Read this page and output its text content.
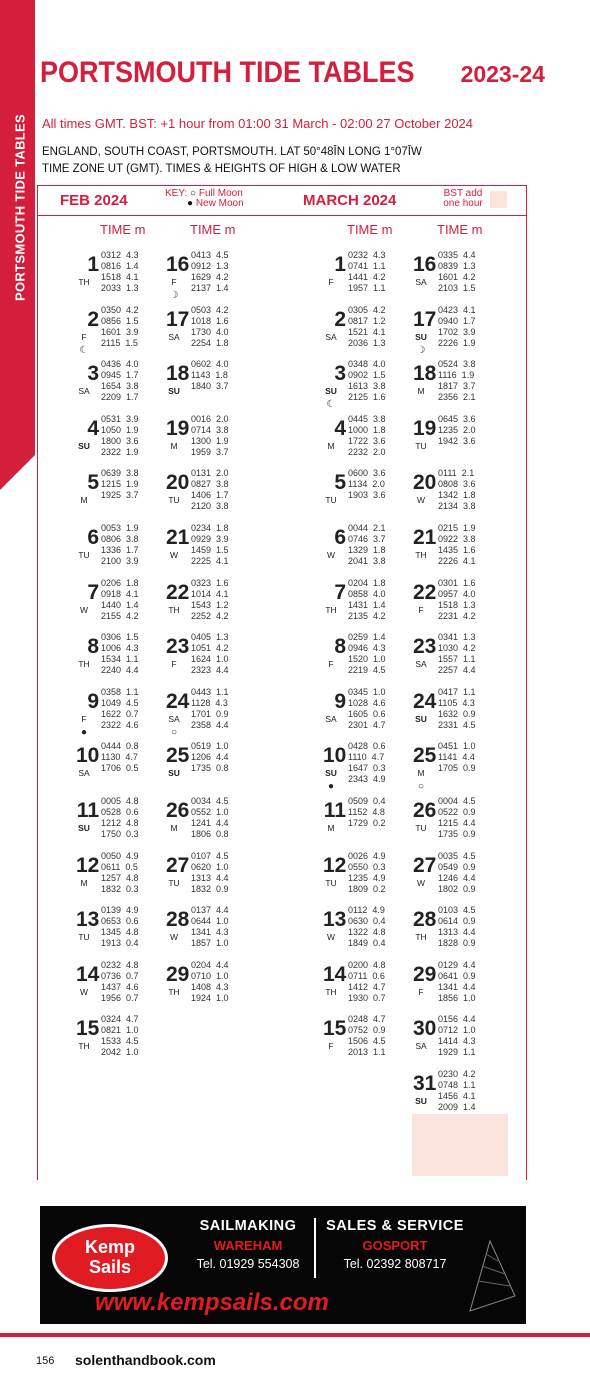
PORTSMOUTH TIDE TABLES
PORTSMOUTH TIDE TABLES 2023-24
All times GMT. BST: +1 hour from 01:00 31 March - 02:00 27 October 2024
ENGLAND, SOUTH COAST, PORTSMOUTH. LAT 50°48ĪN LONG 1°07ĪW
TIME ZONE UT (GMT). TIMES & HEIGHTS OF HIGH & LOW WATER
FEB 2024	MARCH 2024
KEY: ○ Full Moon
● New Moon
BST add
one hour
TIME m	TIME m	TIME m	TIME m
1
TH
0312  4.3
0816  1.4
1518  4.1
2033  1.3
2
F
☾
0350  4.2
0856  1.5
1601  3.9
2115  1.5
3
SA
0436  4.0
0945  1.7
1654  3.8
2209  1.7
4
SU
0531  3.9
1050  1.9
1800  3.6
2322  1.9
5
M
0639  3.8
1215  1.9
1925  3.7
6
TU
0053  1.9
0806  3.8
1336  1.7
2100  3.9
7
W
0206  1.8
0918  4.1
1440  1.4
2155  4.2
8
TH
0306  1.5
1006  4.3
1534  1.1
2240  4.4
9
F
●
0358  1.1
1049  4.5
1622  0.7
2322  4.6
10
SA
0444  0.8
1130  4.7
1706  0.5
11
SU
0005  4.8
0528  0.6
1212  4.8
1750  0.3
12
M
0050  4.9
0611  0.5
1257  4.8
1832  0.3
13
TU
0139  4.9
0653  0.6
1345  4.8
1913  0.4
14
W
0232  4.8
0736  0.7
1437  4.6
1956  0.7
15
TH
0324  4.7
0821  1.0
1533  4.5
2042  1.0
16
F
☽
0413  4.5
0912  1.3
1629  4.2
2137  1.4
17
SA
0503  4.2
1018  1.6
1730  4.0
2254  1.8
18
SU
0602  4.0
1143  1.8
1840  3.7
19
M
0016  2.0
0714  3.8
1300  1.9
1959  3.7
20
TU
0131  2.0
0827  3.8
1406  1.7
2120  3.8
21
W
0234  1.8
0929  3.9
1459  1.5
2225  4.1
22
TH
0323  1.6
1014  4.1
1543  1.2
2252  4.2
23
F
0405  1.3
1051  4.2
1624  1.0
2323  4.4
24
SA
○
0443  1.1
1128  4.3
1701  0.9
2358  4.4
25
SU
0519  1.0
1206  4.4
1735  0.8
26
M
0034  4.5
0552  1.0
1241  4.4
1806  0.8
27
TU
0107  4.5
0620  1.0
1313  4.4
1832  0.9
28
W
0137  4.4
0644  1.0
1341  4.3
1857  1.0
29
TH
0204  4.4
0710  1.0
1408  4.3
1924  1.0
1
F
0232  4.3
0741  1.1
1441  4.2
1957  1.1
2
SA
0305  4.2
0817  1.2
1521  4.1
2036  1.3
3
SU
☾
0348  4.0
0902  1.5
1613  3.8
2125  1.6
4
M
0445  3.8
1000  1.8
1722  3.6
2232  2.0
5
TU
0600  3.6
1134  2.0
1903  3.6
6
W
0044  2.1
0746  3.7
1329  1.8
2041  3.8
7
TH
0204  1.8
0858  4.0
1431  1.4
2135  4.2
8
F
0259  1.4
0946  4.3
1520  1.0
2219  4.5
9
SA
0345  1.0
1028  4.6
1605  0.6
2301  4.7
10
SU
●
0428  0.6
1110  4.7
1647  0.3
2343  4.9
11
M
0509  0.4
1152  4.8
1729  0.2
12
TU
0026  4.9
0550  0.3
1235  4.9
1809  0.2
13
W
0112  4.9
0630  0.4
1322  4.8
1849  0.4
14
TH
0200  4.8
0711  0.6
1412  4.7
1930  0.7
15
F
0248  4.7
0752  0.9
1506  4.5
2013  1.1
16
SA
0335  4.4
0839  1.3
1601  4.2
2103  1.5
17
SU
☽
0423  4.1
0940  1.7
1702  3.9
2226  1.9
18
M
0524  3.8
1116  1.9
1817  3.7
2356  2.1
19
TU
0645  3.6
1235  2.0
1942  3.6
20
W
0111  2.1
0808  3.6
1342  1.8
2134  3.8
21
TH
0215  1.9
0922  3.8
1435  1.6
2226  4.1
22
F
0301  1.6
0957  4.0
1518  1.3
2231  4.2
23
SA
0341  1.3
1030  4.2
1557  1.1
2257  4.4
24
SU
0417  1.1
1105  4.3
1632  0.9
2331  4.5
25
M
○
0451  1.0
1141  4.4
1705  0.9
26
TU
0004  4.5
0522  0.9
1215  4.4
1735  0.9
27
W
0035  4.5
0549  0.9
1246  4.4
1802  0.9
28
TH
0103  4.5
0614  0.9
1313  4.4
1828  0.9
29
F
0129  4.4
0641  0.9
1341  4.4
1856  1.0
30
SA
0156  4.4
0712  1.0
1414  4.3
1929  1.1
31
SU
0230  4.2
0748  1.1
1456  4.1
2009  1.4
Kemp
Sails
SAILMAKING
WAREHAM
Tel. 01929 554308
SALES & SERVICE
GOSPORT
Tel. 02392 808717
www.kempsails.com
156 solenthandbook.com
